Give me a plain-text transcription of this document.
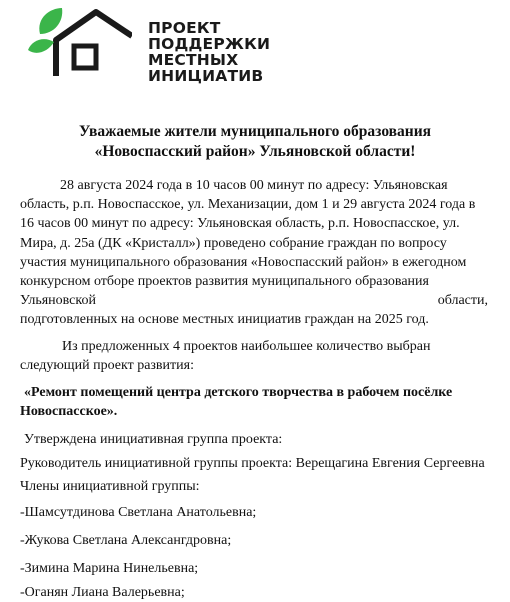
ПРОЕКТ
ПОДДЕРЖКИ
МЕСТНЫХ
ИНИЦИАТИВ
Уважаемые жители муниципального образования
«Новоспасский район» Ульяновской области!
28 августа 2024 года в 10 часов 00 минут по адресу: Ульяновская
область, р.п. Новоспасское, ул. Механизации, дом 1 и 29 августа 2024 года в
16 часов 00 минут по адресу: Ульяновская область, р.п. Новоспасское, ул.
Мира, д. 25а (ДК «Кристалл») проведено собрание граждан по вопросу
участия муниципального образования «Новоспасский район» в ежегодном
конкурсном отборе проектов развития муниципального образования
Ульяновской	области,
подготовленных на основе местных инициатив граждан на 2025 год.
Из предложенных 4 проектов наибольшее количество выбран
следующий проект развития:
«Ремонт помещений центра детского творчества в рабочем посёлке
Новоспасское».
Утверждена инициативная группа проекта:
Руководитель инициативной группы проекта: Верещагина Евгения Сергеевна
Члены инициативной группы:
-Шамсутдинова Светлана Анатольевна;
-Жукова Светлана Алексангдровна;
-Зимина Марина Нинельевна;
-Оганян Лиана Валерьевна;
